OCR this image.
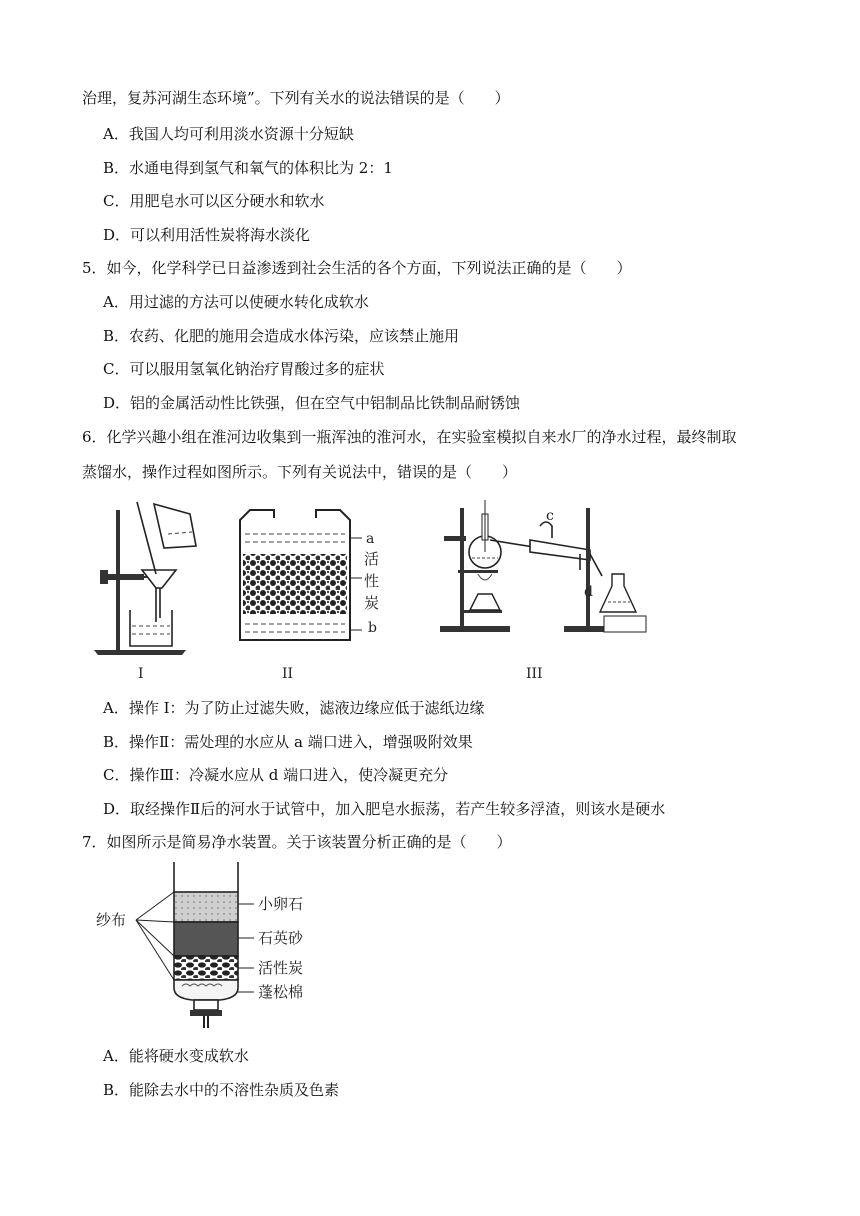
治理，复苏河湖生态环境”。下列有关水的说法错误的是（　　）
A．我国人均可利用淡水资源十分短缺
B．水通电得到氢气和氧气的体积比为 2：1
C．用肥皂水可以区分硬水和软水
D．可以利用活性炭将海水淡化
5．如今，化学科学已日益渗透到社会生活的各个方面，下列说法正确的是（　　）
A．用过滤的方法可以使硬水转化成软水
B．农药、化肥的施用会造成水体污染，应该禁止施用
C．可以服用氢氧化钠治疗胃酸过多的症状
D．铝的金属活动性比铁强，但在空气中铝制品比铁制品耐锈蚀
6．化学兴趣小组在淮河边收集到一瓶浑浊的淮河水，在实验室模拟自来水厂的净水过程，最终制取
蒸馏水，操作过程如图所示。下列有关说法中，错误的是（　　）
I
a
活
性
炭
b
II
c
d
III
A．操作 I：为了防止过滤失败，滤液边缘应低于滤纸边缘
B．操作Ⅱ：需处理的水应从 a 端口进入，增强吸附效果
C．操作Ⅲ：冷凝水应从 d 端口进入，使冷凝更充分
D．取经操作Ⅱ后的河水于试管中，加入肥皂水振荡，若产生较多浮渣，则该水是硬水
7．如图所示是简易净水装置。关于该装置分析正确的是（　　）
纱布
小卵石
石英砂
活性炭
蓬松棉
A．能将硬水变成软水
B．能除去水中的不溶性杂质及色素
